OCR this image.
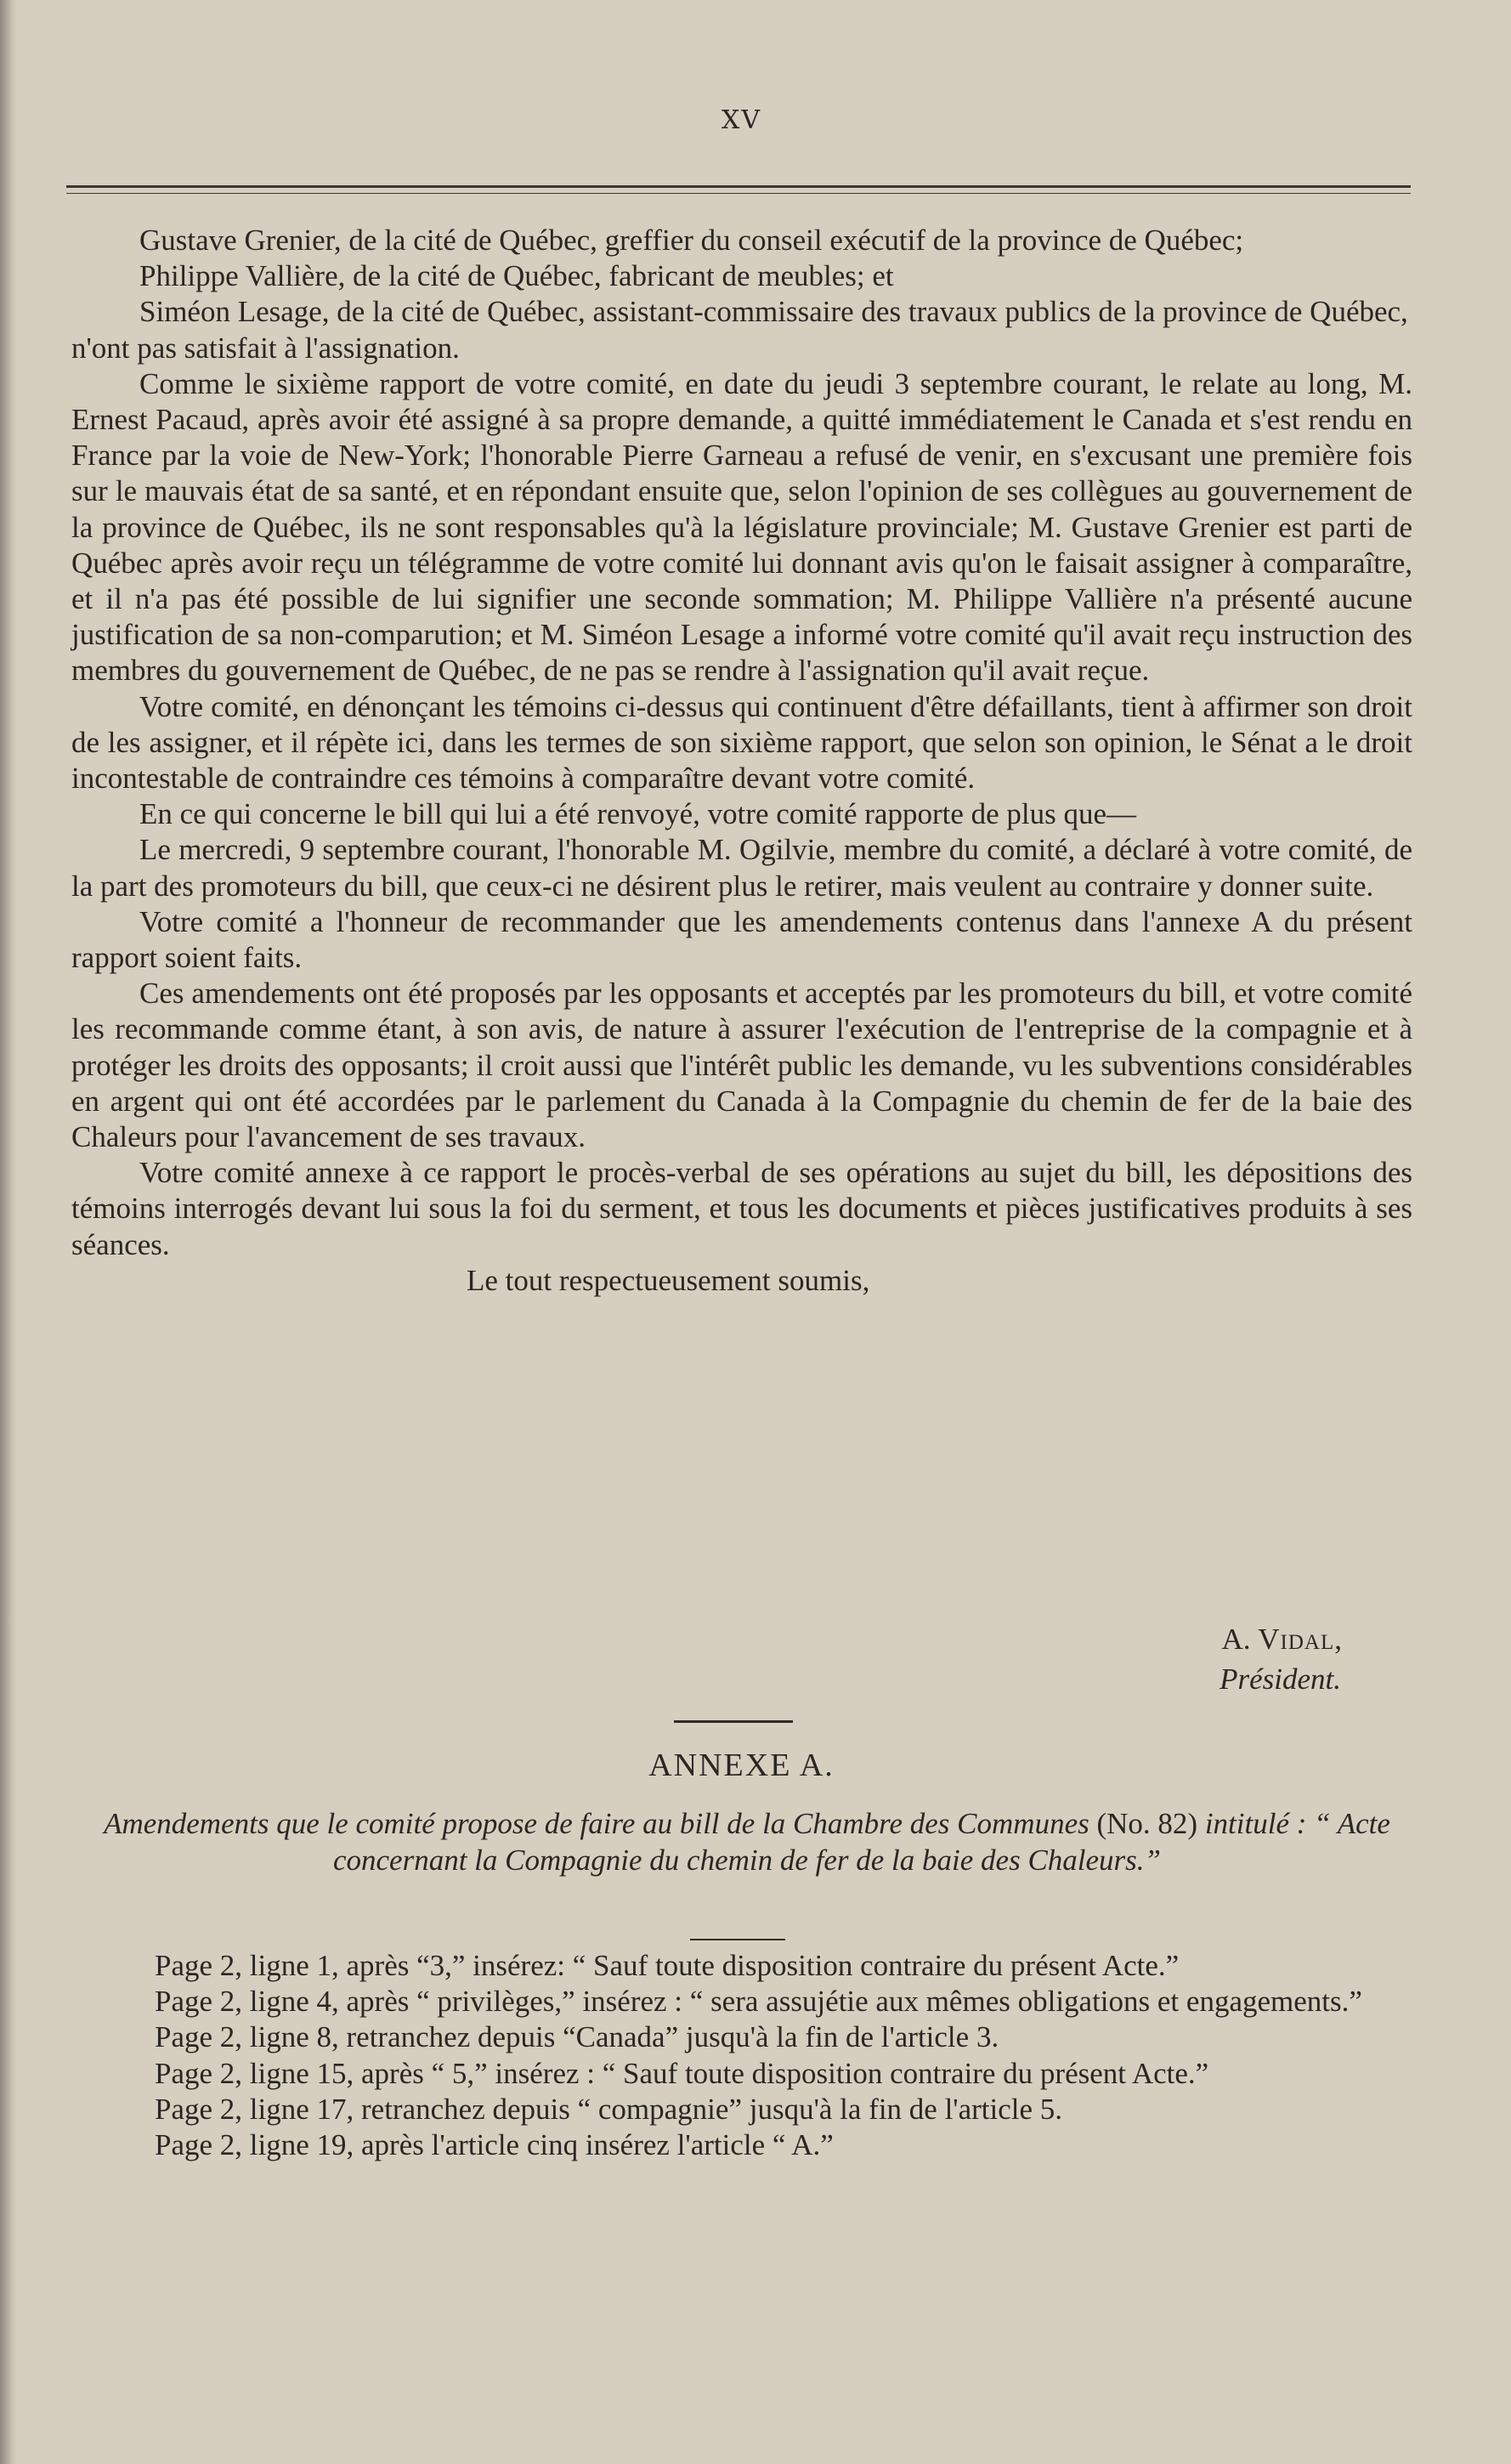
XV

Gustave Grenier, de la cité de Québec, greffier du conseil exécutif de la province de Québec;

Philippe Vallière, de la cité de Québec, fabricant de meubles; et

Siméon Lesage, de la cité de Québec, assistant-commissaire des travaux publics de la province de Québec,

n'ont pas satisfait à l'assignation.

Comme le sixième rapport de votre comité, en date du jeudi 3 septembre courant, le relate au long, M. Ernest Pacaud, après avoir été assigné à sa propre demande, a quitté immédiatement le Canada et s'est rendu en France par la voie de New-York; l'honorable Pierre Garneau a refusé de venir, en s'excusant une première fois sur le mauvais état de sa santé, et en répondant ensuite que, selon l'opinion de ses collègues au gouvernement de la province de Québec, ils ne sont responsables qu'à la législature provinciale; M. Gustave Grenier est parti de Québec après avoir reçu un télégramme de votre comité lui donnant avis qu'on le faisait assigner à comparaître, et il n'a pas été possible de lui signifier une seconde sommation; M. Philippe Vallière n'a présenté aucune justification de sa non-comparution; et M. Siméon Lesage a informé votre comité qu'il avait reçu instruction des membres du gouvernement de Québec, de ne pas se rendre à l'assignation qu'il avait reçue.

Votre comité, en dénonçant les témoins ci-dessus qui continuent d'être défaillants, tient à affirmer son droit de les assigner, et il répète ici, dans les termes de son sixième rapport, que selon son opinion, le Sénat a le droit incontestable de contraindre ces témoins à comparaître devant votre comité.

En ce qui concerne le bill qui lui a été renvoyé, votre comité rapporte de plus que—

Le mercredi, 9 septembre courant, l'honorable M. Ogilvie, membre du comité, a déclaré à votre comité, de la part des promoteurs du bill, que ceux-ci ne désirent plus le retirer, mais veulent au contraire y donner suite.

Votre comité a l'honneur de recommander que les amendements contenus dans l'annexe A du présent rapport soient faits.

Ces amendements ont été proposés par les opposants et acceptés par les promoteurs du bill, et votre comité les recommande comme étant, à son avis, de nature à assurer l'exécution de l'entreprise de la compagnie et à protéger les droits des opposants; il croit aussi que l'intérêt public les demande, vu les subventions considérables en argent qui ont été accordées par le parlement du Canada à la Compagnie du chemin de fer de la baie des Chaleurs pour l'avancement de ses travaux.

Votre comité annexe à ce rapport le procès-verbal de ses opérations au sujet du bill, les dépositions des témoins interrogés devant lui sous la foi du serment, et tous les documents et pièces justificatives produits à ses séances.

Le tout respectueusement soumis,

A. Vidal,
Président.
ANNEXE A.
Amendements que le comité propose de faire au bill de la Chambre des Communes (No. 82) intitulé : “ Acte concernant la Compagnie du chemin de fer de la baie des Chaleurs.”

Page 2, ligne 1, après “3,” insérez: “ Sauf toute disposition contraire du présent Acte.”

Page 2, ligne 4, après “ privilèges,” insérez : “ sera assujétie aux mêmes obligations et engagements.”

Page 2, ligne 8, retranchez depuis “Canada” jusqu'à la fin de l'article 3.

Page 2, ligne 15, après “ 5,” insérez : “ Sauf toute disposition contraire du présent Acte.”

Page 2, ligne 17, retranchez depuis “ compagnie” jusqu'à la fin de l'article 5.

Page 2, ligne 19, après l'article cinq insérez l'article “ A.”
